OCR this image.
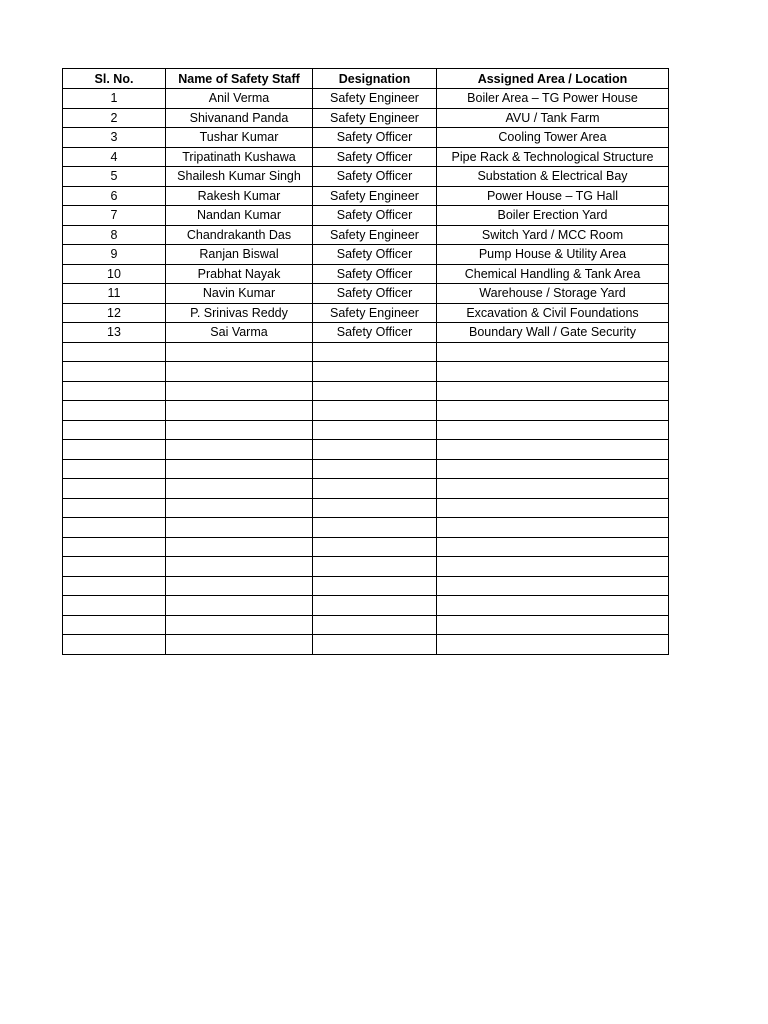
Sl. No.	Name of Safety Staff	Designation	Assigned Area / Location
1	Anil Verma	Safety Engineer	Boiler Area – TG Power House
2	Shivanand Panda	Safety Engineer	AVU / Tank Farm
3	Tushar Kumar	Safety Officer	Cooling Tower Area
4	Tripatinath Kushawa	Safety Officer	Pipe Rack & Technological Structure
5	Shailesh Kumar Singh	Safety Officer	Substation & Electrical Bay
6	Rakesh Kumar	Safety Engineer	Power House – TG Hall
7	Nandan Kumar	Safety Officer	Boiler Erection Yard
8	Chandrakanth Das	Safety Engineer	Switch Yard / MCC Room
9	Ranjan Biswal	Safety Officer	Pump House & Utility Area
10	Prabhat Nayak	Safety Officer	Chemical Handling & Tank Area
11	Navin Kumar	Safety Officer	Warehouse / Storage Yard
12	P. Srinivas Reddy	Safety Engineer	Excavation & Civil Foundations
13	Sai Varma	Safety Officer	Boundary Wall / Gate Security
